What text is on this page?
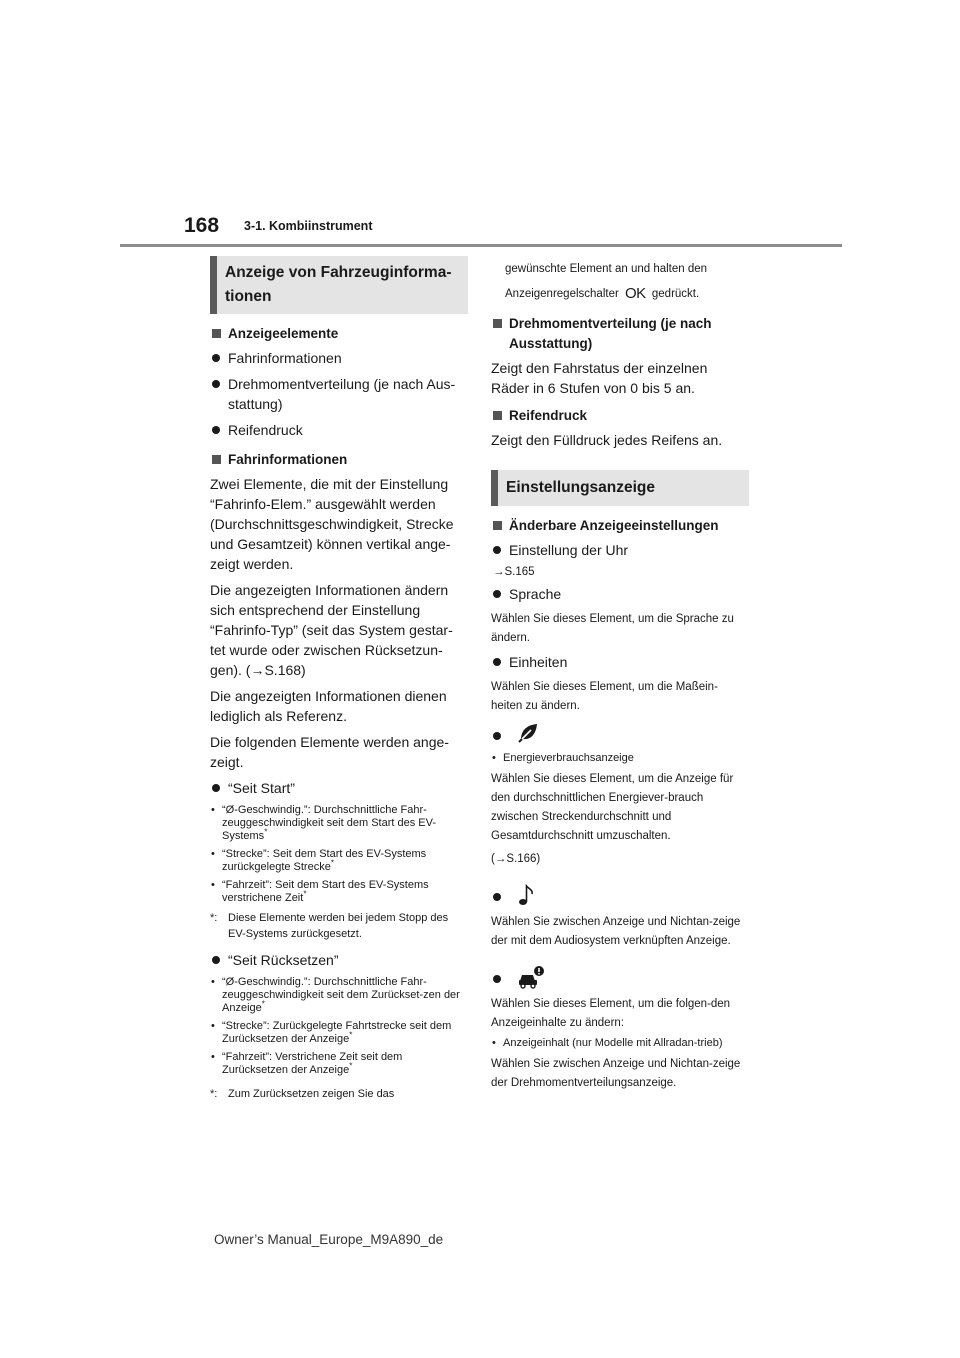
168 3-1. Kombiinstrument
Anzeige von Fahrzeuginforma-
tionen
Anzeigeelemente
Fahrinformationen
Drehmomentverteilung (je nach Aus-stattung)
Reifendruck
Fahrinformationen

Zwei Elemente, die mit der Einstellung “Fahrinfo-Elem.” ausgewählt werden (Durchschnittsgeschwindigkeit, Strecke und Gesamtzeit) können vertikal ange-zeigt werden.

Die angezeigten Informationen ändern sich entsprechend der Einstellung “Fahrinfo-Typ” (seit das System gestar-tet wurde oder zwischen Rücksetzun-gen). (→S.168)

Die angezeigten Informationen dienen lediglich als Referenz.

Die folgenden Elemente werden ange-zeigt.

“Seit Start”
• “Ø-Geschwindig.”: Durchschnittliche Fahr-zeuggeschwindigkeit seit dem Start des EV-Systems*
• “Strecke”: Seit dem Start des EV-Systems zurückgelegte Strecke*
• “Fahrzeit”: Seit dem Start des EV-Systems verstrichene Zeit*
*: Diese Elemente werden bei jedem Stopp des EV-Systems zurückgesetzt.
“Seit Rücksetzen”
• “Ø-Geschwindig.”: Durchschnittliche Fahr-zeuggeschwindigkeit seit dem Zurückset-zen der Anzeige*
• “Strecke”: Zurückgelegte Fahrtstrecke seit dem Zurücksetzen der Anzeige*
• “Fahrzeit”: Verstrichene Zeit seit dem Zurücksetzen der Anzeige*
*: Zum Zurücksetzen zeigen Sie das

gewünschte Element an und halten den

Anzeigenregelschalter OK gedrückt.

Drehmomentverteilung (je nach Ausstattung)

Zeigt den Fahrstatus der einzelnen Räder in 6 Stufen von 0 bis 5 an.

Reifendruck

Zeigt den Fülldruck jedes Reifens an.

Einstellungsanzeige
Änderbare Anzeigeeinstellungen
Einstellung der Uhr
→S.165
Sprache

Wählen Sie dieses Element, um die Sprache zu ändern.

Einheiten

Wählen Sie dieses Element, um die Maßein-heiten zu ändern.

• Energieverbrauchsanzeige

Wählen Sie dieses Element, um die Anzeige für den durchschnittlichen Energiever-brauch zwischen Streckendurchschnitt und Gesamtdurchschnitt umzuschalten.

(→S.166)

Wählen Sie zwischen Anzeige und Nichtan-zeige der mit dem Audiosystem verknüpften Anzeige.

Wählen Sie dieses Element, um die folgen-den Anzeigeinhalte zu ändern:

• Anzeigeinhalt (nur Modelle mit Allradan-trieb)

Wählen Sie zwischen Anzeige und Nichtan-zeige der Drehmomentverteilungsanzeige.

Owner’s Manual_Europe_M9A890_de
